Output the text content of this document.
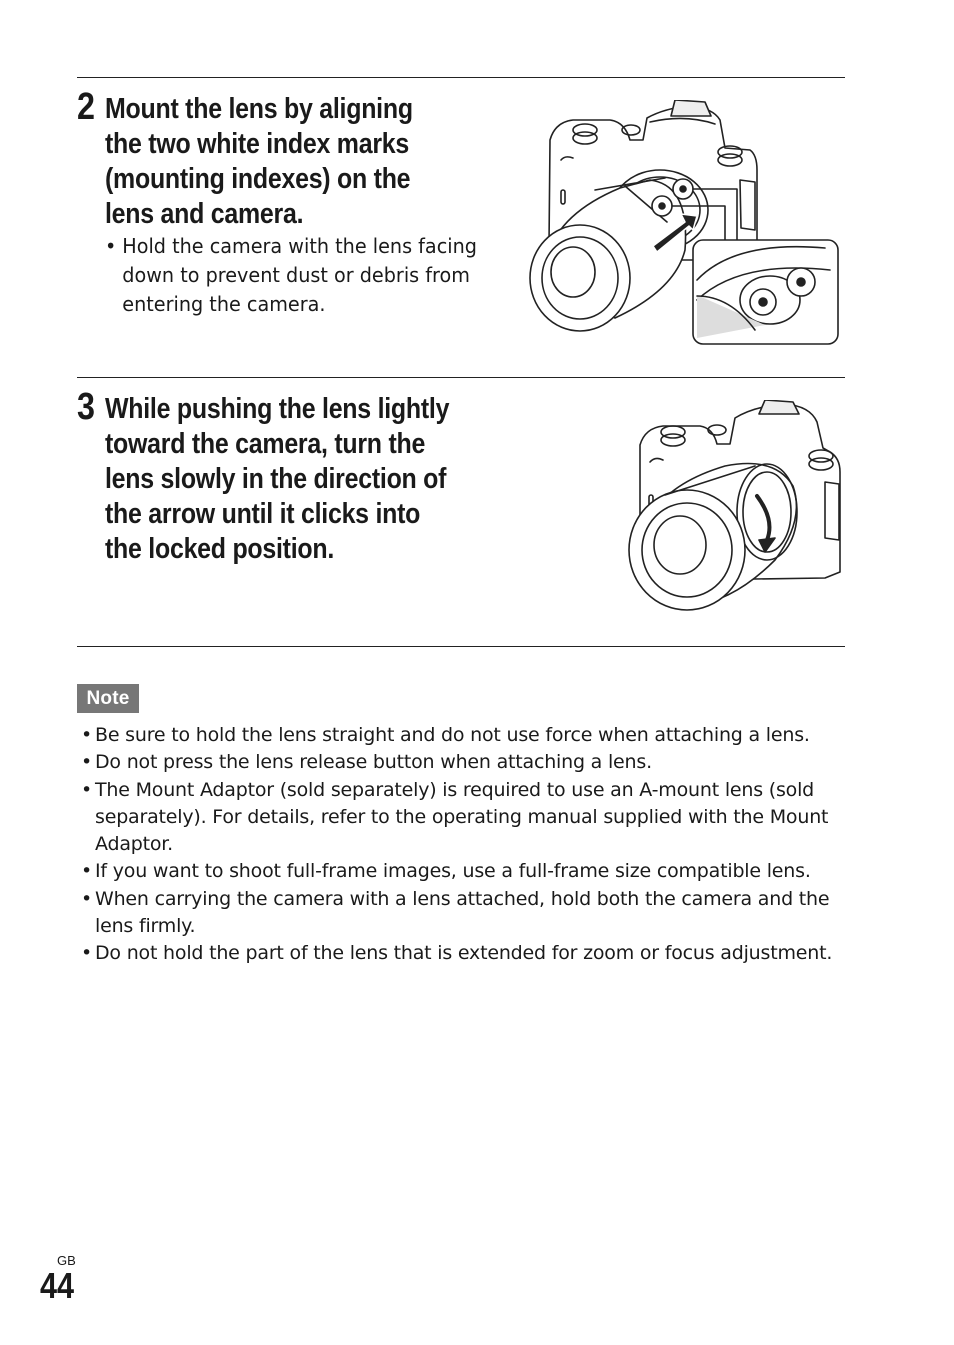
2 Mount the lens by aligning
the two white index marks
(mounting indexes) on the
lens and camera.
• Hold the camera with the lens facing down to prevent dust or debris from entering the camera.
3 While pushing the lens lightly
toward the camera, turn the
lens slowly in the direction of
the arrow until it clicks into
the locked position.
Note
• Be sure to hold the lens straight and do not use force when attaching a lens.
• Do not press the lens release button when attaching a lens.
• The Mount Adaptor (sold separately) is required to use an A-mount lens (sold separately). For details, refer to the operating manual supplied with the Mount Adaptor.
• If you want to shoot full-frame images, use a full-frame size compatible lens.
• When carrying the camera with a lens attached, hold both the camera and the lens firmly.
• Do not hold the part of the lens that is extended for zoom or focus adjustment.
GB
44
